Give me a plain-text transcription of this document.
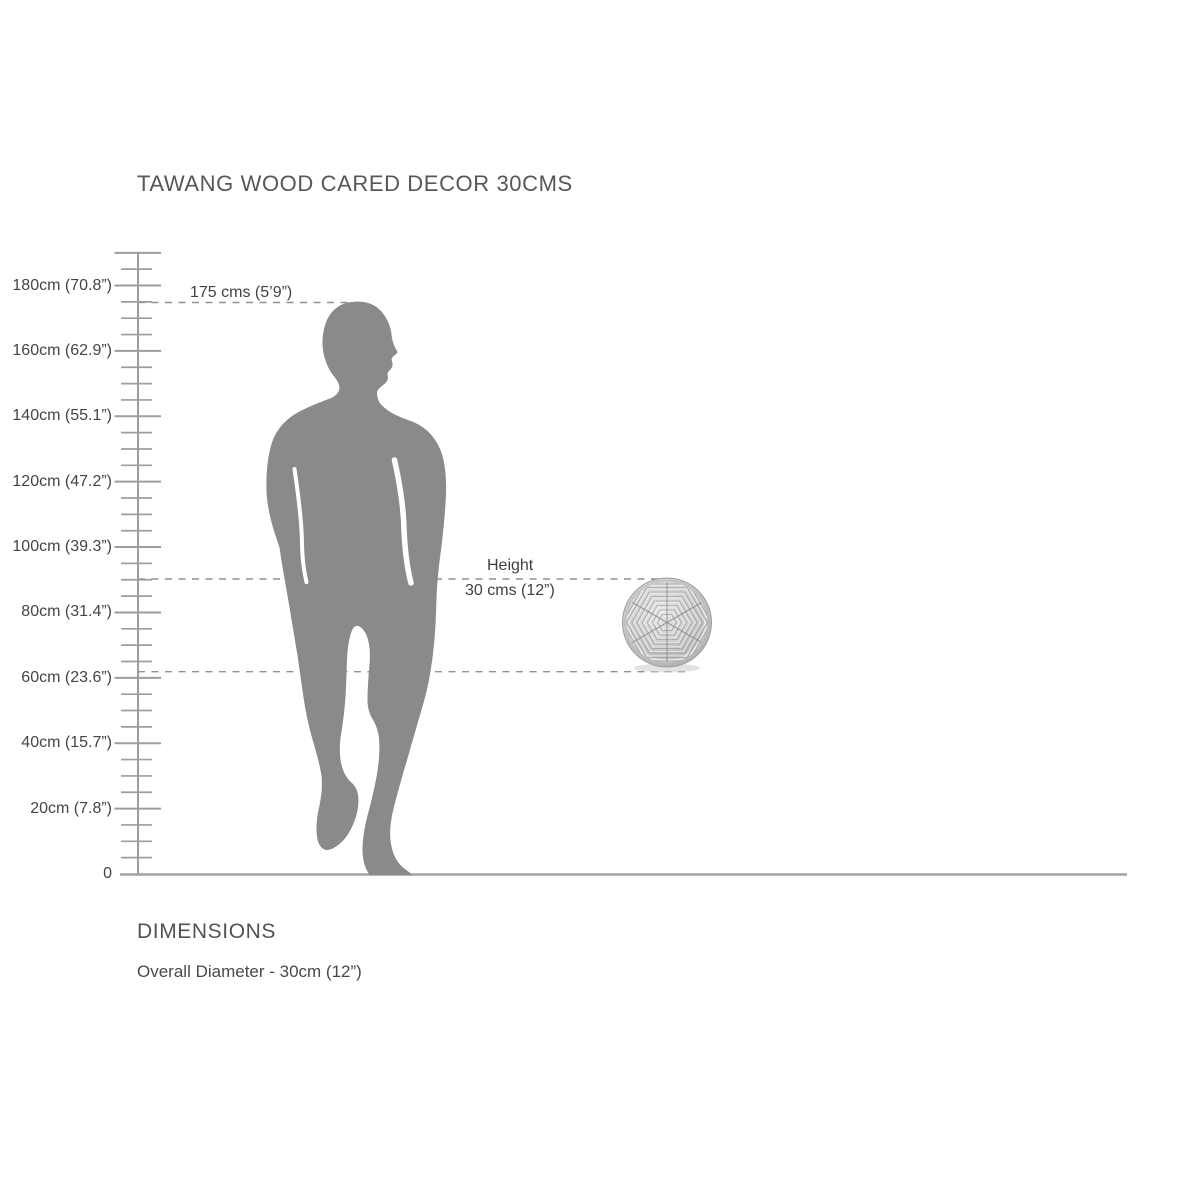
TAWANG WOOD CARED DECOR 30CMS
175 cms (5’9”)
Height
30 cms (12”)
180cm (70.8”)
160cm (62.9”)
140cm (55.1”)
120cm (47.2”)
100cm (39.3”)
80cm (31.4”)
60cm (23.6”)
40cm (15.7”)
20cm (7.8”)
0
DIMENSIONS
Overall Diameter - 30cm (12”)
